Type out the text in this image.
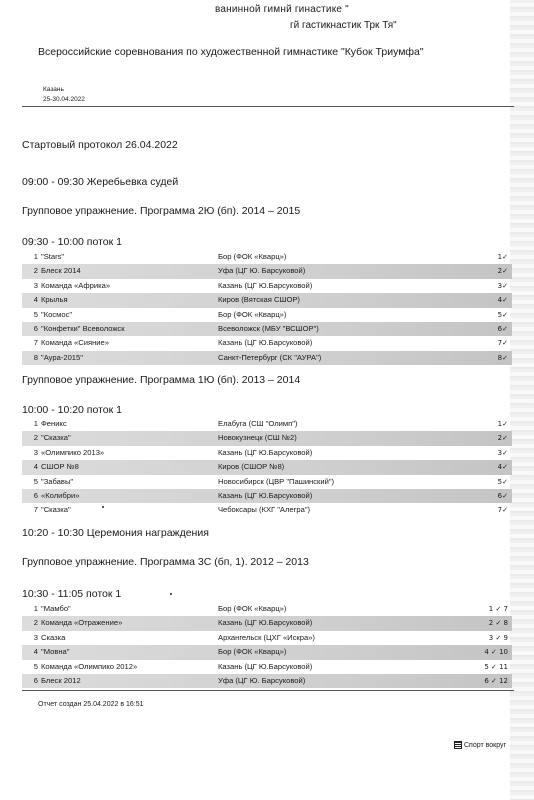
ванинной гимнй гинастике "
гй гастикнастик Трк Тя"
Всероссийские соревнования по художественной гимнастике "Кубок Триумфа"
Казань
25-30.04.2022
Стартовый протокол 26.04.2022
09:00 - 09:30 Жеребьевка судей
Групповое упражнение. Программа 2Ю (бп). 2014 – 2015
09:30 - 10:00 поток 1
1 "Stars"	Бор (ФОК «Кварц»)	1✓
2 Блеск 2014	Уфа (ЦГ Ю. Барсуковой)	2✓
3 Команда «Африка»	Казань (ЦГ Ю.Барсуковой)	3✓
4 Крылья	Киров (Вятская СШОР)	4✓
5 "Космос"	Бор (ФОК «Кварц»)	5✓
6 "Конфетки" Всеволожск	Всеволожск (МБУ "ВСШОР")	6✓
7 Команда «Сияние»	Казань (ЦГ Ю.Барсуковой)	7✓
8 "Аура-2015"	Санкт-Петербург (СК "АУРА")	8✓
Групповое упражнение. Программа 1Ю (бп). 2013 – 2014
10:00 - 10:20 поток 1
1 Феникс	Елабуга (СШ "Олимп")	1✓
2 "Сказка"	Новокузнецк (СШ №2)	2✓
3 «Олимпико 2013»	Казань (ЦГ Ю.Барсуковой)	3✓
4 СШОР №8	Киров (СШОР №8)	4✓
5 "Забавы"	Новосибирск (ЦВР "Пашинский")	5✓
6 «Колибри»	Казань (ЦГ Ю.Барсуковой)	6✓
7 "Сказка"	Чебоксары (КХГ "Алегра")	7✓
10:20 - 10:30 Церемония награждения
Групповое упражнение. Программа 3С (бп, 1). 2012 – 2013
10:30 - 11:05 поток 1
1 "Мамбо"	Бор (ФОК «Кварц»)	1 ✓ 7
2 Команда «Отражение»	Казань (ЦГ Ю.Барсуковой)	2 ✓ 8
3 Сказка	Архангельск (ЦХГ «Искра»)	3 ✓ 9
4 "Мовна"	Бор (ФОК «Кварц»)	4 ✓ 10
5 Команда «Олимпико 2012»	Казань (ЦГ Ю.Барсуковой)	5 ✓ 11
6 Блеск 2012	Уфа (ЦГ Ю. Барсуковой)	6 ✓ 12
Отчет создан 25.04.2022 в 16:51
Спорт вокруг
